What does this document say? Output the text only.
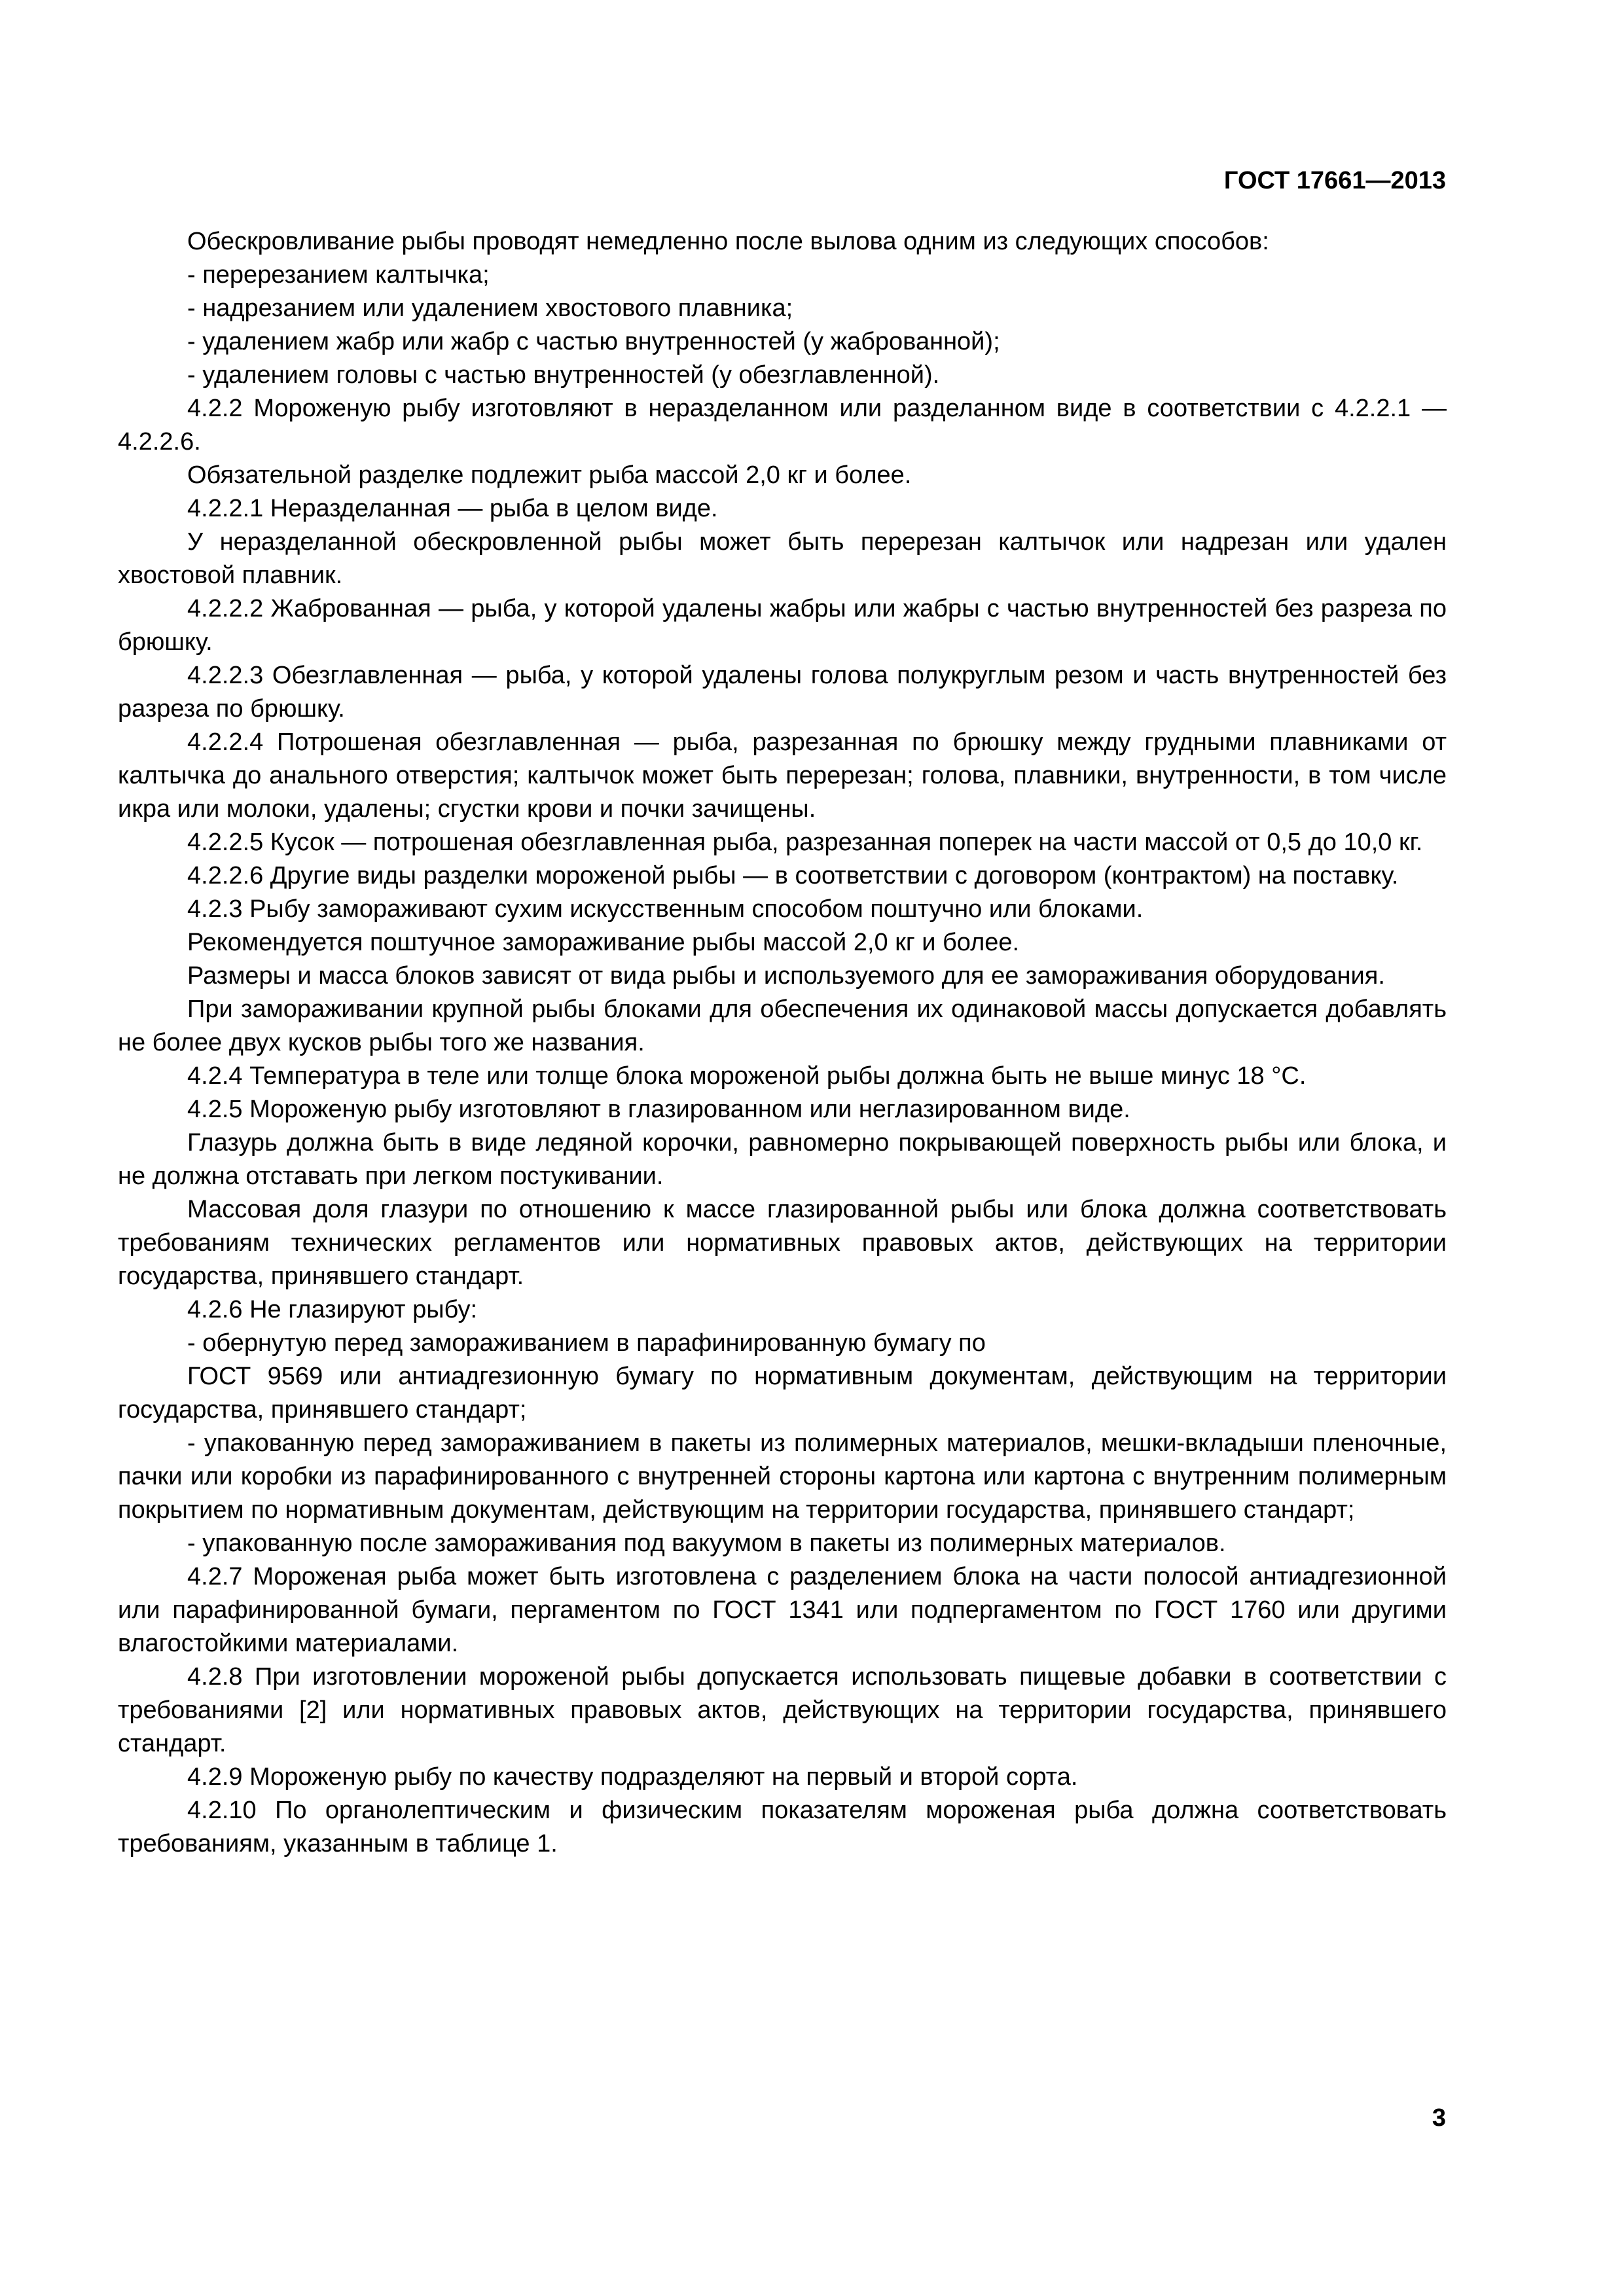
ГОСТ 17661—2013

Обескровливание рыбы проводят немедленно после вылова одним из следующих способов:

- перерезанием калтычка;

- надрезанием или удалением хвостового плавника;

- удалением жабр или жабр с частью внутренностей (у жаброванной);

- удалением головы с частью внутренностей (у обезглавленной).

4.2.2 Мороженую рыбу изготовляют в неразделанном или разделанном виде в соответствии с 4.2.2.1 — 4.2.2.6.

Обязательной разделке подлежит рыба массой 2,0 кг и более.

4.2.2.1 Неразделанная — рыба в целом виде.

У неразделанной обескровленной рыбы может быть перерезан калтычок или надрезан или удален хвостовой плавник.

4.2.2.2 Жаброванная — рыба, у которой удалены жабры или жабры с частью внутренностей без разреза по брюшку.

4.2.2.3 Обезглавленная — рыба, у которой удалены голова полукруглым резом и часть внутренностей без разреза по брюшку.

4.2.2.4 Потрошеная обезглавленная — рыба, разрезанная по брюшку между грудными плавниками от калтычка до анального отверстия; калтычок может быть перерезан; голова, плавники, внутренности, в том числе икра или молоки, удалены; сгустки крови и почки зачищены.

4.2.2.5 Кусок — потрошеная обезглавленная рыба, разрезанная поперек на части массой от 0,5 до 10,0 кг.

4.2.2.6 Другие виды разделки мороженой рыбы — в соответствии с договором (контрактом) на поставку.

4.2.3 Рыбу замораживают сухим искусственным способом поштучно или блоками.

Рекомендуется поштучное замораживание рыбы массой 2,0 кг и более.

Размеры и масса блоков зависят от вида рыбы и используемого для ее замораживания оборудования.

При замораживании крупной рыбы блоками для обеспечения их одинаковой массы допускается добавлять не более двух кусков рыбы того же названия.

4.2.4 Температура в теле или толще блока мороженой рыбы должна быть не выше минус 18 °С.

4.2.5 Мороженую рыбу изготовляют в глазированном или неглазированном виде.

Глазурь должна быть в виде ледяной корочки, равномерно покрывающей поверхность рыбы или блока, и не должна отставать при легком постукивании.

Массовая доля глазури по отношению к массе глазированной рыбы или блока должна соответствовать требованиям технических регламентов или нормативных правовых актов, действующих на территории государства, принявшего стандарт.

4.2.6 Не глазируют рыбу:

- обернутую перед замораживанием в парафинированную бумагу по

ГОСТ 9569 или антиадгезионную бумагу по нормативным документам, действующим на территории государства, принявшего стандарт;

- упакованную перед замораживанием в пакеты из полимерных материалов, мешки-вкладыши пленочные, пачки или коробки из парафинированного с внутренней стороны картона или картона с внутренним полимерным покрытием по нормативным документам, действующим на территории государства, принявшего стандарт;

- упакованную после замораживания под вакуумом в пакеты из полимерных материалов.

4.2.7 Мороженая рыба может быть изготовлена с разделением блока на части полосой антиадгезионной или парафинированной бумаги, пергаментом по ГОСТ 1341 или подпергаментом по ГОСТ 1760 или другими влагостойкими материалами.

4.2.8 При изготовлении мороженой рыбы допускается использовать пищевые добавки в соответствии с требованиями [2] или нормативных правовых актов, действующих на территории государства, принявшего стандарт.

4.2.9 Мороженую рыбу по качеству подразделяют на первый и второй сорта.

4.2.10 По органолептическим и физическим показателям мороженая рыба должна соответствовать требованиям, указанным в таблице 1.

3
